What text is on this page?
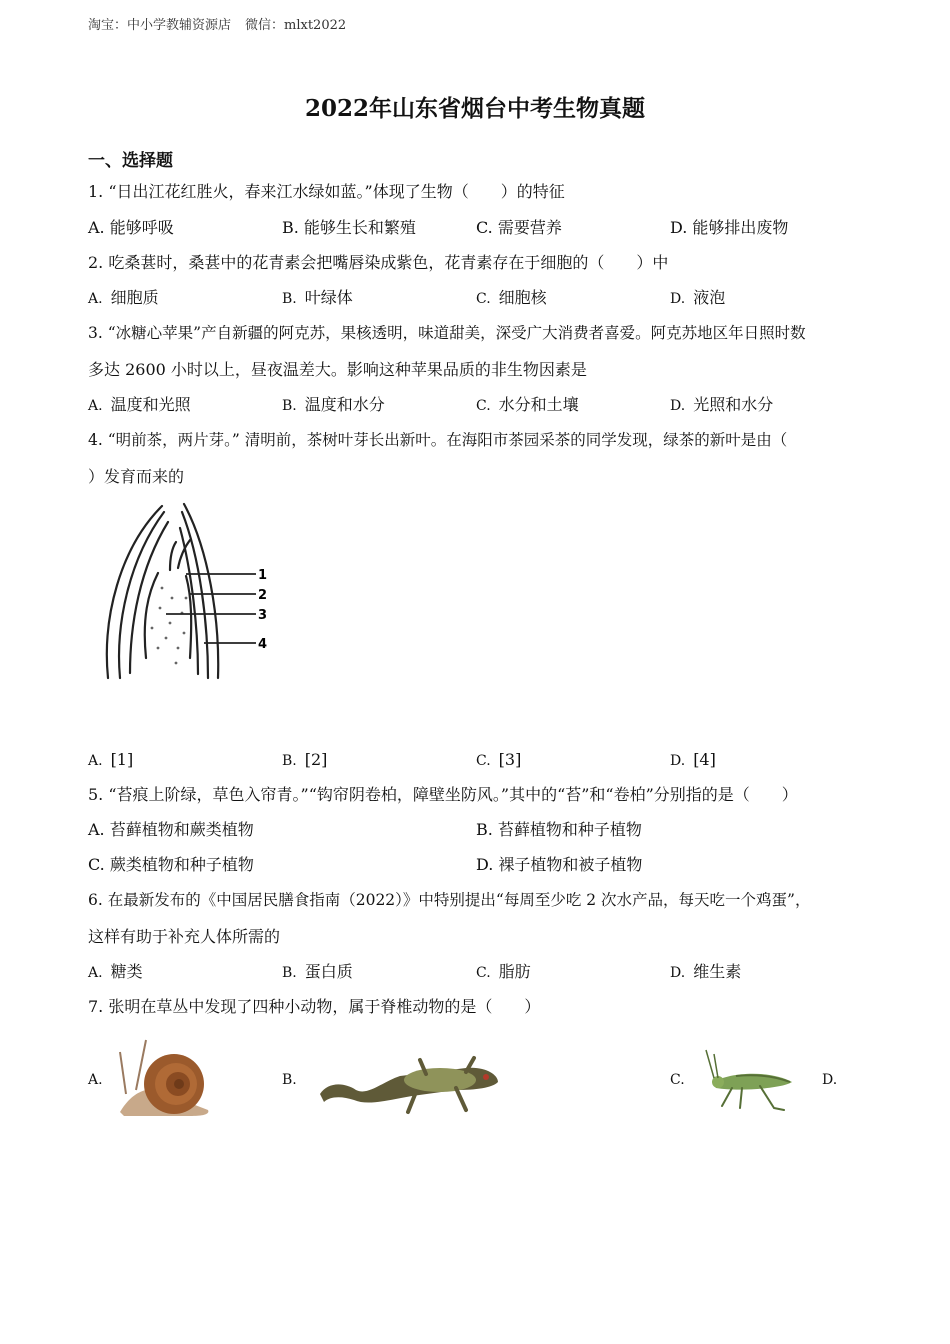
淘宝：中小学教辅资源店 微信：mlxt2022
2022年山东省烟台中考生物真题
一、选择题
1. “日出江花红胜火，春来江水绿如蓝。”体现了生物（　　）的特征
A. 能够呼吸	B. 能够生长和繁殖	C. 需要营养	D. 能够排出废物
2. 吃桑葚时，桑葚中的花青素会把嘴唇染成紫色，花青素存在于细胞的（　　）中
A. 细胞质	B. 叶绿体	C. 细胞核	D. 液泡
3. “冰糖心苹果”产自新疆的阿克苏，果核透明，味道甜美，深受广大消费者喜爱。阿克苏地区年日照时数
多达 2600 小时以上，昼夜温差大。影响这种苹果品质的非生物因素是
A. 温度和光照	B. 温度和水分	C. 水分和土壤	D. 光照和水分
4. “明前茶，两片芽。” 清明前，茶树叶芽长出新叶。在海阳市茶园采茶的同学发现，绿茶的新叶是由（
）发育而来的
1
2
3
4
A. [1]	B. [2]	C. [3]	D. [4]
5. “苔痕上阶绿，草色入帘青。”“钩帘阴卷柏，障壁坐防风。”其中的“苔”和“卷柏”分别指的是（　　）
A. 苔藓植物和蕨类植物	B. 苔藓植物和种子植物
C. 蕨类植物和种子植物	D. 裸子植物和被子植物
6. 在最新发布的《中国居民膳食指南（2022）》中特别提出“每周至少吃 2 次水产品，每天吃一个鸡蛋”，
这样有助于补充人体所需的
A. 糖类	B. 蛋白质	C. 脂肪	D. 维生素
7. 张明在草丛中发现了四种小动物，属于脊椎动物的是（　　）
A.	B.	C.	D.
